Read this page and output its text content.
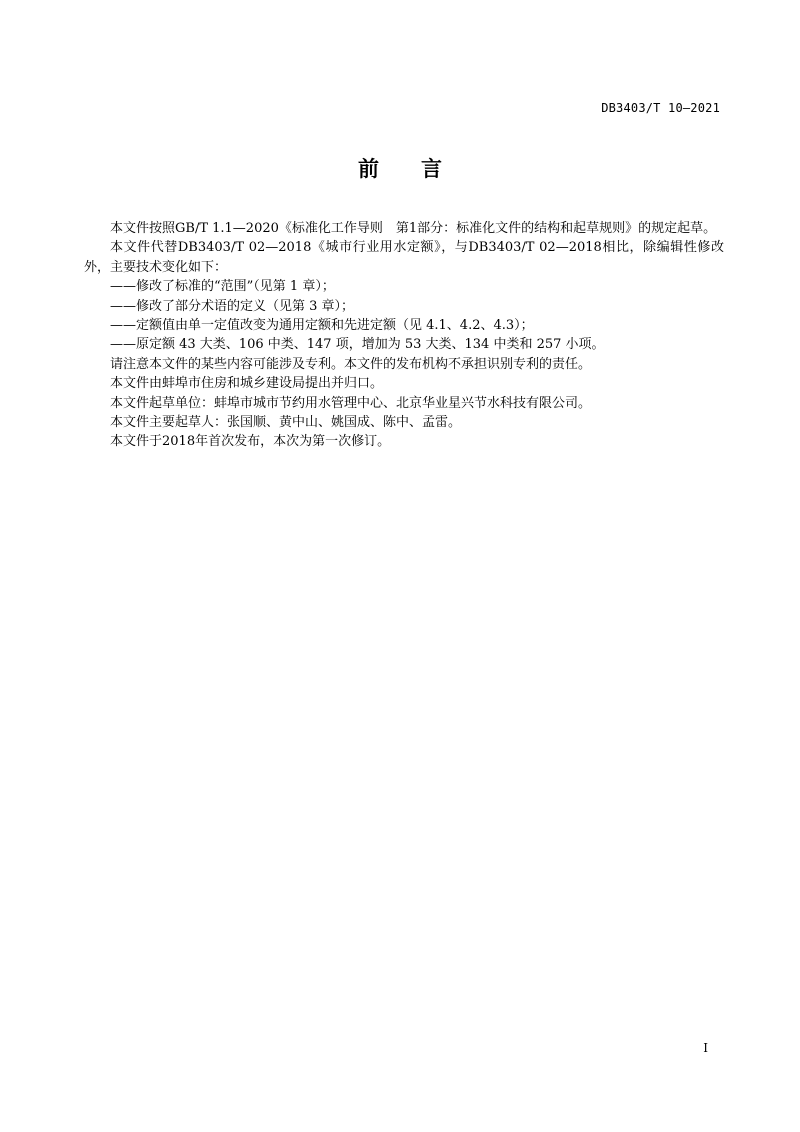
DB3403/T 10—2021
前 言

本文件按照GB/T 1.1—2020《标准化工作导则　第1部分：标准化文件的结构和起草规则》的规定起草。

本文件代替DB3403/T 02—2018《城市行业用水定额》，与DB3403/T 02—2018相比，除编辑性修改外，主要技术变化如下：

——修改了标准的“范围”（见第 1 章）；

——修改了部分术语的定义（见第 3 章）；

——定额值由单一定值改变为通用定额和先进定额（见 4.1、4.2、4.3）；

——原定额 43 大类、106 中类、147 项，增加为 53 大类、134 中类和 257 小项。

请注意本文件的某些内容可能涉及专利。本文件的发布机构不承担识别专利的责任。

本文件由蚌埠市住房和城乡建设局提出并归口。

本文件起草单位：蚌埠市城市节约用水管理中心、北京华业星兴节水科技有限公司。

本文件主要起草人：张国顺、黄中山、姚国成、陈中、孟雷。

本文件于2018年首次发布，本次为第一次修订。

I
